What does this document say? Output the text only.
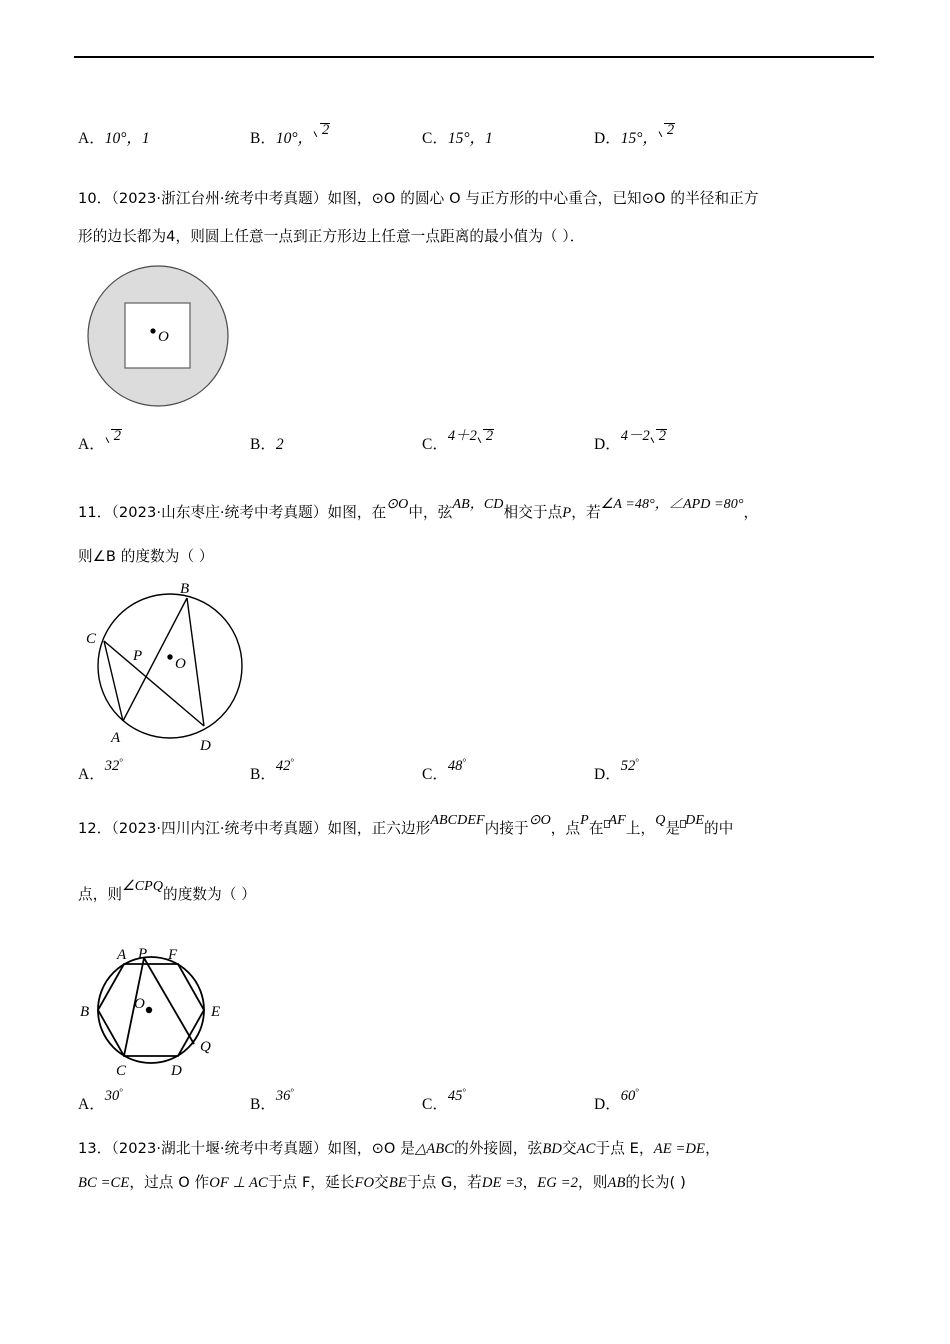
A．10°，1	B．10°， 2	C．15°，1	D．15°， 2
10．（2023·浙江台州·统考中考真题）如图，⊙O 的圆心 O 与正方形的中心重合，已知⊙O 的半径和正方
形的边长都为4，则圆上任意一点到正方形边上任意一点距离的最小值为（ ）．
O
A． 2	B．2	C．4＋2 2	D．4－2 2
11．（2023·山东枣庄·统考中考真题）如图，在⊙O中，弦AB，CD相交于点P，若∠A =48°，∠APD =80°，
则∠B 的度数为（ ）
O
B
C
P
A	D
A．32°
B．42°
C．48°
D．52°
12．（2023·四川内江·统考中考真题）如图，正六边形ABCDEF内接于⊙O，点P在 AF上，Q是 DE的中
点，则∠CPQ的度数为（ ）
O
A P F
B	E
Q
C	D
A．30°
B．36°
C．45°
D．60°
13．（2023·湖北十堰·统考中考真题）如图，⊙O 是△ABC的外接圆，弦BD交AC于点 E，AE =DE，
BC =CE，过点 O 作OF ⊥ AC于点 F，延长FO交BE于点 G，若DE =3，EG =2，则AB的长为( )
